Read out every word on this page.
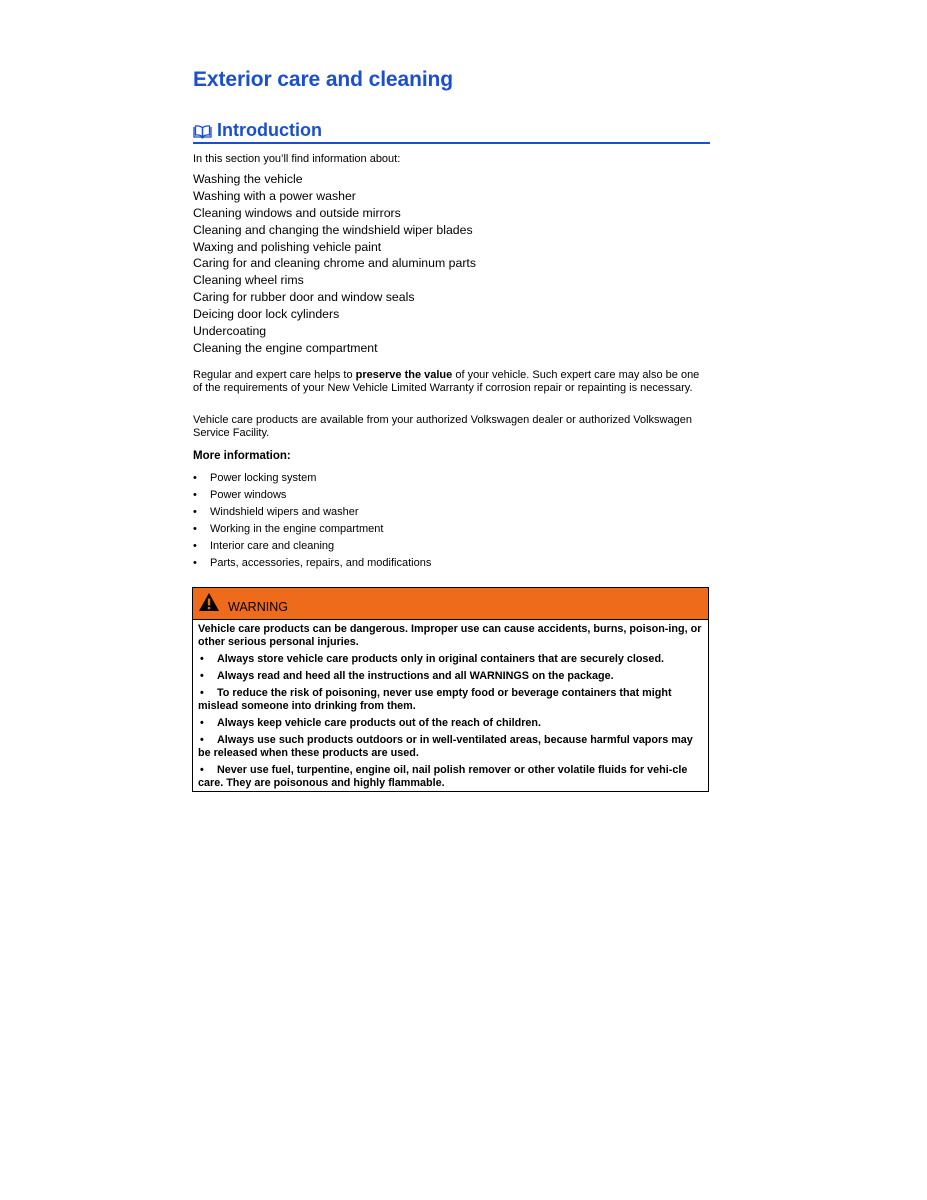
Exterior care and cleaning
Introduction

In this section you’ll find information about:

Washing the vehicle
Washing with a power washer
Cleaning windows and outside mirrors
Cleaning and changing the windshield wiper blades
Waxing and polishing vehicle paint
Caring for and cleaning chrome and aluminum parts
Cleaning wheel rims
Caring for rubber door and window seals
Deicing door lock cylinders
Undercoating
Cleaning the engine compartment

Regular and expert care helps to preserve the value of your vehicle. Such expert care may also be one of the requirements of your New Vehicle Limited Warranty if corrosion repair or repainting is necessary.

Vehicle care products are available from your authorized Volkswagen dealer or authorized Volkswagen Service Facility.

More information:

•	Power locking system
•	Power windows
•	Windshield wipers and washer
•	Working in the engine compartment
•	Interior care and cleaning
•	Parts, accessories, repairs, and modifications
WARNING

Vehicle care products can be dangerous. Improper use can cause accidents, burns, poison-ing, or other serious personal injuries.

• Always store vehicle care products only in original containers that are securely closed.

• Always read and heed all the instructions and all WARNINGS on the package.

• To reduce the risk of poisoning, never use empty food or beverage containers that might mislead someone into drinking from them.

• Always keep vehicle care products out of the reach of children.

• Always use such products outdoors or in well-ventilated areas, because harmful vapors may be released when these products are used.

• Never use fuel, turpentine, engine oil, nail polish remover or other volatile fluids for vehi-cle care. They are poisonous and highly flammable.
